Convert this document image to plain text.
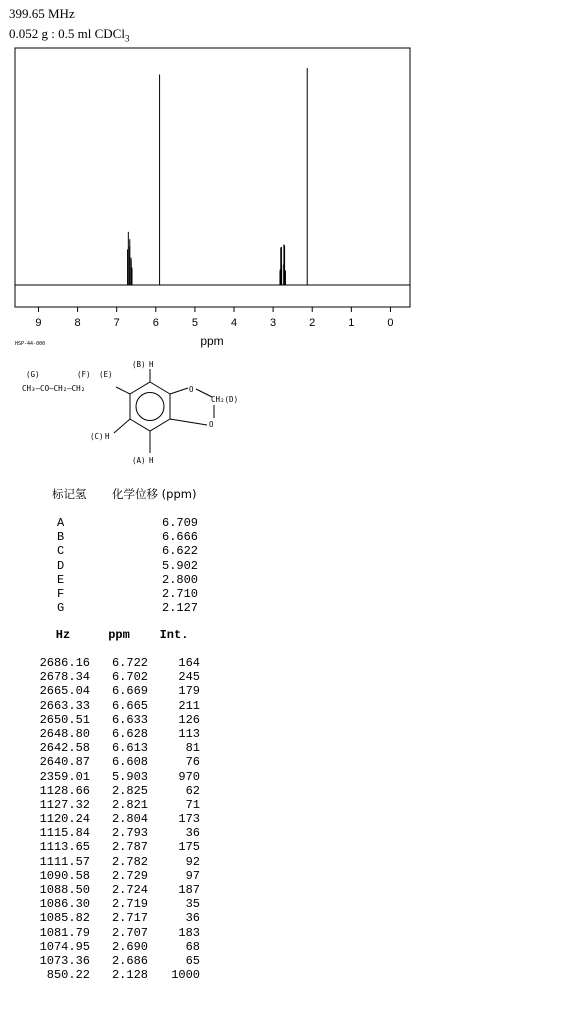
399.65 MHz
0.052 g : 0.5 ml CDCl$_3$
9	8	7	6	5	4	3	2	1	0
ppm
HSP-44-000
(G)	(F) (E)
CH₃—CO—CH₂—CH₂
(B) H
O
CH₂(D)
O
(C) H
(A) H
标记氢	化学位移 (ppm)
A	6.709
B	6.666
C	6.622
D	5.902
E	2.800
F	2.710
G	2.127
Hz	ppm	Int.
2686.16	6.722	164
2678.34	6.702	245
2665.04	6.669	179
2663.33	6.665	211
2650.51	6.633	126
2648.80	6.628	113
2642.58	6.613	81
2640.87	6.608	76
2359.01	5.903	970
1128.66	2.825	62
1127.32	2.821	71
1120.24	2.804	173
1115.84	2.793	36
1113.65	2.787	175
1111.57	2.782	92
1090.58	2.729	97
1088.50	2.724	187
1086.30	2.719	35
1085.82	2.717	36
1081.79	2.707	183
1074.95	2.690	68
1073.36	2.686	65
850.22	2.128	1000
